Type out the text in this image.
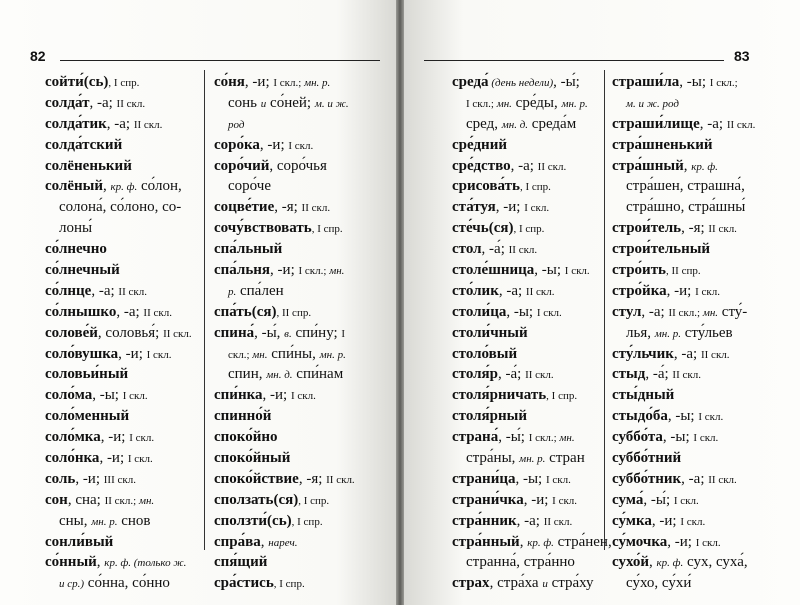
82
сойти́(сь), I спр.
солда́т, -а; II скл.
солда́тик, -а; II скл.
солда́тский
солёненький
солёный, кр. ф. со́лон,
солона́, со́лоно, со-
лоны́
со́лнечно
со́лнечный
со́лнце, -а; II скл.
со́лнышко, -а; II скл.
солове́й, соловья́; II скл.
соло́вушка, -и; I скл.
соловьи́ный
соло́ма, -ы; I скл.
соло́менный
соло́мка, -и; I скл.
соло́нка, -и; I скл.
соль, -и; III скл.
сон, сна; II скл.; мн.
сны, мн. р. снов
сонли́вый
со́нный, кр. ф. (только ж.
и ср.) со́нна, со́нно
со́ня, -и; I скл.; мн. р.
сонь и со́ней; м. и ж.
род
соро́ка, -и; I скл.
соро́чий, соро́чья
соро́че
соцве́тие, -я; II скл.
сочу́вствовать, I спр.
спа́льный
спа́льня, -и; I скл.; мн.
р. спа́лен
спа́ть(ся), II спр.
спина́, -ы́, в. спи́ну; I
скл.; мн. спи́ны, мн. р.
спин, мн. д. спи́нам
спи́нка, -и; I скл.
спинно́й
споко́йно
споко́йный
споко́йствие, -я; II скл.
сползать(ся), I спр.
сползти́(сь), I спр.
спра́ва, нареч.
спя́щий
сра́стись, I спр.
83
среда́ (день недели), -ы́;
I скл.; мн. сре́ды, мн. р.
сред, мн. д. среда́м
сре́дний
сре́дство, -а; II скл.
срисова́ть, I спр.
ста́туя, -и; I скл.
сте́чь(ся), I спр.
стол, -а́; II скл.
столе́шница, -ы; I скл.
сто́лик, -а; II скл.
столи́ца, -ы; I скл.
столи́чный
столо́вый
столя́р, -а́; II скл.
столя́рничать, I спр.
столя́рный
страна́, -ы́; I скл.; мн.
стра́ны, мн. р. стран
страни́ца, -ы; I скл.
страни́чка, -и; I скл.
стра́нник, -а; II скл.
стра́нный, кр. ф. стра́нен,
странна́, стра́нно
страх, стра́ха и стра́ху
страши́ла, -ы; I скл.;
м. и ж. род
страши́лище, -а; II скл.
стра́шненький
стра́шный, кр. ф.
стра́шен, страшна́,
стра́шно, стра́шны́
строи́тель, -я; II скл.
строи́тельный
стро́ить, II спр.
стро́йка, -и; I скл.
стул, -а; II скл.; мн. сту́-
лья, мн. р. сту́льев
сту́льчик, -а; II скл.
стыд, -а́; II скл.
сты́дный
стыдо́ба, -ы; I скл.
суббо́та, -ы; I скл.
суббо́тний
суббо́тник, -а; II скл.
сума́, -ы́; I скл.
су́мка, -и; I скл.
су́мочка, -и; I скл.
сухо́й, кр. ф. сух, суха́,
су́хо, су́хи́
